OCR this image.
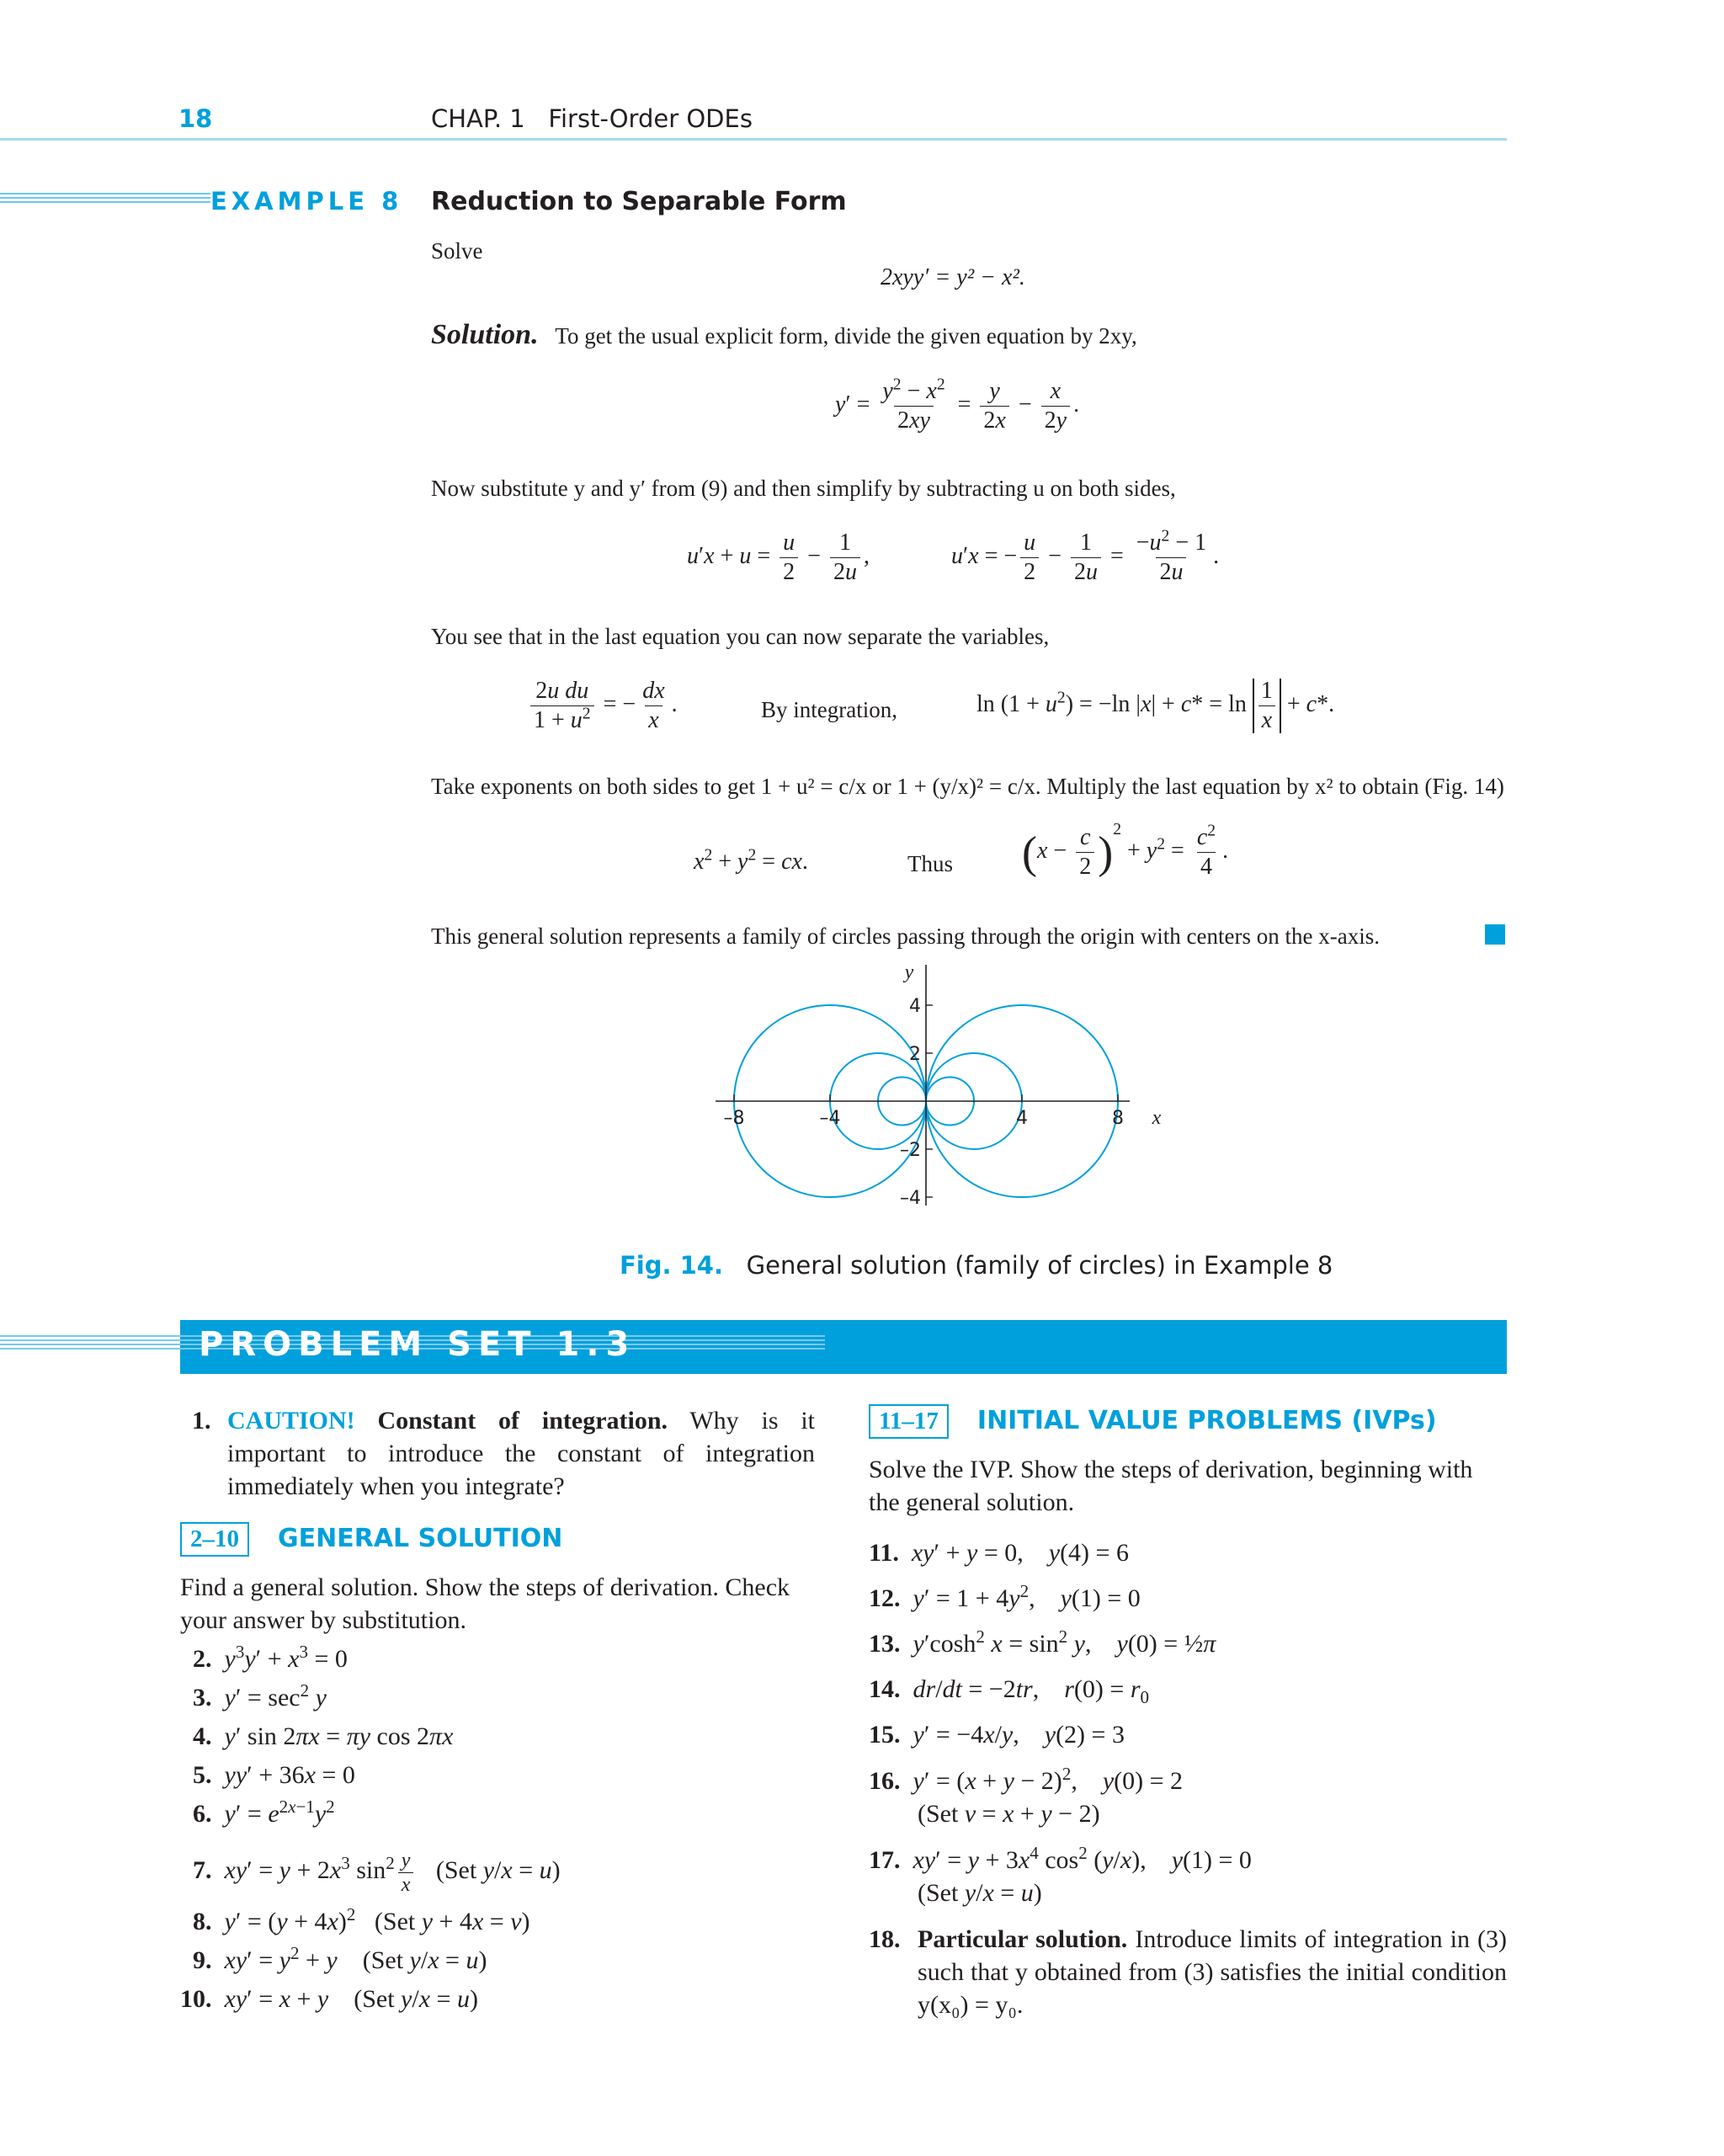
18	CHAP. 1 First-Order ODEs
EXAMPLE 8 Reduction to Separable Form
Solve
2xyy′ = y² − x².
Solution. To get the usual explicit form, divide the given equation by 2xy,
$y' = \frac{y^2 - x^2}{2xy} = \frac{y}{2x} - \frac{x}{2y}$ .
Now substitute y and y′ from (9) and then simplify by subtracting u on both sides,
$u'x + u = \frac{u}{2} - \frac{1}{2u}$ ,	u′x = − $\frac{u}{2} - \frac{1}{2u} = \frac{-u^2 - 1}{2u}$ .
You see that in the last equation you can now separate the variables,
$\frac{\text{2u du}}{1 + u^2}$ = − $\frac{dx}{x}$ .	By integration,	$\ln (1 + u^2) = -\ln$ $|x| + c* = \ln \frac{1}{x} + c*$.
Take exponents on both sides to get 1 + u² = c/x or 1 + (y/x)² = c/x. Multiply the last equation by x² to obtain (Fig. 14)
$x^2 + y^2$ = cx.	Thus $(x - \frac{c}{2} )^2 + y^2 = \frac{c^2}{4}$ .
This general solution represents a family of circles passing through the origin with centers on the x-axis.
–8	–4	4	8
4
2
–2
–4
x
y
Fig. 14. General solution (family of circles) in Example 8
PROBLEM SET 1.3
1. CAUTION! Constant of integration. Why is it important to introduce the constant of integration immediately when you integrate?
2–10 GENERAL SOLUTION
Find a general solution. Show the steps of derivation. Check your answer by substitution.
2. $y^3y' + x^3 = 0$
3. $y' = \sec^2 y$
4. y′ sin 2πx = πy cos 2πx
5. yy′ + 36x = 0
6. $y' = e^{2x-1}y^2$
7. $xy' = y + 2x^3$ $\sin^2 \frac{y}{x} (Set$ y/x = u)
8. $y' = (y + 4x)^2$   (Set y + 4x = v)
9. $xy' = y^2 + y$    (Set y/x = u)
10. xy′ = x + y    (Set y/x = u)
11–17 INITIAL VALUE PROBLEMS (IVPs)
Solve the IVP. Show the steps of derivation, beginning with the general solution.
11. xy′ + y = 0,    y(4) = 6
12. $y' = 1 + 4y^2$,    y(1) = 0
13. $y'\cosh^2$ $x = \sin^2 y$,    y(0) = ½π
14. dr/dt = −2tr,    $r(0) = r_0$
15. y′ = −4x/y,    y(2) = 3
16. $y' = (x + y - 2)^2$,    y(0) = 2
(Set v = x + y − 2)
17. $xy' = y + 3x^4$ $\cos^2 (y/x)$,    y(1) = 0
(Set y/x = u)
18. Particular solution. Introduce limits of integration in (3) such that y obtained from (3) satisfies the initial condition y(x₀) = y₀.
